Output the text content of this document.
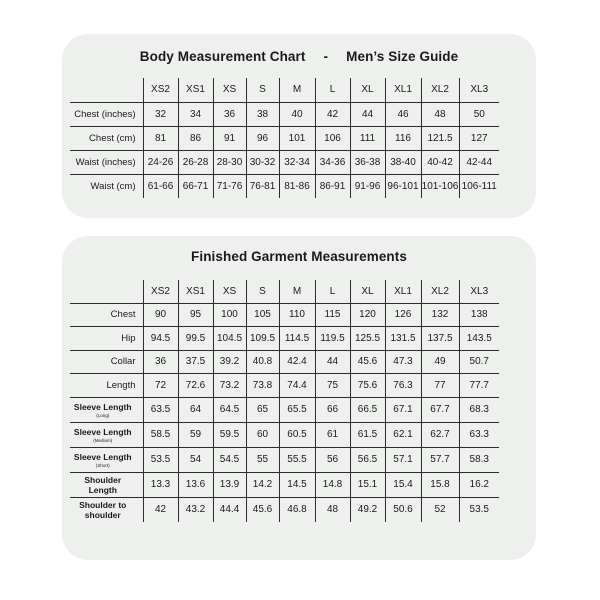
Body Measurement Chart - Men’s Size Guide
	XS2	XS1	XS	S	M	L	XL	XL1	XL2	XL3
Chest (inches)	32	34	36	38	40	42	44	46	48	50
Chest (cm)	81	86	91	96	101	106	111	116	121.5	127
Waist (inches)	24-26	26-28	28-30	30-32	32-34	34-36	36-38	38-40	40-42	42-44
Waist (cm)	61-66	66-71	71-76	76-81	81-86	86-91	91-96	96-101	101-106	106-111
Finished Garment Measurements
	XS2	XS1	XS	S	M	L	XL	XL1	XL2	XL3
Chest	90	95	100	105	110	115	120	126	132	138
Hip	94.5	99.5	104.5	109.5	114.5	119.5	125.5	131.5	137.5	143.5
Collar	36	37.5	39.2	40.8	42.4	44	45.6	47.3	49	50.7
Length	72	72.6	73.2	73.8	74.4	75	75.6	76.3	77	77.7
Sleeve Length
(Long)	63.5	64	64.5	65	65.5	66	66.5	67.1	67.7	68.3
Sleeve Length
(Medium)	58.5	59	59.5	60	60.5	61	61.5	62.1	62.7	63.3
Sleeve Length
(Short)	53.5	54	54.5	55	55.5	56	56.5	57.1	57.7	58.3

Shoulder Length	13.3	13.6	13.9	14.2	14.5	14.8	15.1	15.4	15.8	16.2

Shoulder to shoulder	42	43.2	44.4	45.6	46.8	48	49.2	50.6	52	53.5
